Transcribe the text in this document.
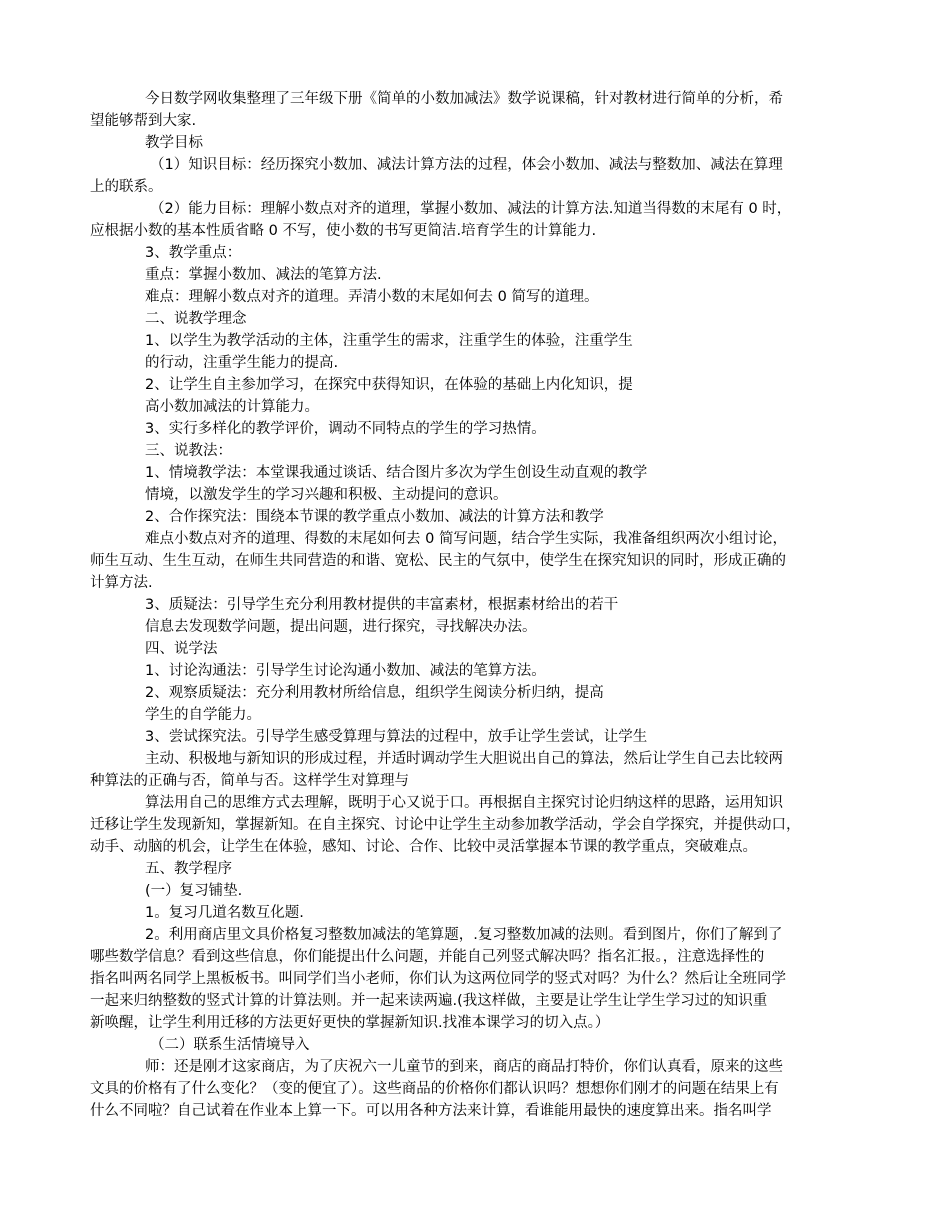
今日数学网收集整理了三年级下册《简单的小数加减法》数学说课稿，针对教材进行简单的分析，希

望能够帮到大家.

教学目标

（1）知识目标：经历探究小数加、减法计算方法的过程，体会小数加、减法与整数加、减法在算理

上的联系。

（2）能力目标：理解小数点对齐的道理，掌握小数加、减法的计算方法.知道当得数的末尾有 0 时，

应根据小数的基本性质省略 0 不写，使小数的书写更简洁.培育学生的计算能力.

3、教学重点：

重点：掌握小数加、减法的笔算方法.

难点：理解小数点对齐的道理。弄清小数的末尾如何去 0 简写的道理。

二、说教学理念

1、以学生为教学活动的主体，注重学生的需求，注重学生的体验，注重学生

的行动，注重学生能力的提高.

2、让学生自主参加学习，在探究中获得知识，在体验的基础上内化知识，提

高小数加减法的计算能力。

3、实行多样化的教学评价，调动不同特点的学生的学习热情。

三、说教法：

1、情境教学法：本堂课我通过谈话、结合图片多次为学生创设生动直观的教学

情境，以激发学生的学习兴趣和积极、主动提问的意识。

2、合作探究法：围绕本节课的教学重点小数加、减法的计算方法和教学

难点小数点对齐的道理、得数的末尾如何去 0 简写问题，结合学生实际，我准备组织两次小组讨论，

师生互动、生生互动，在师生共同营造的和谐、宽松、民主的气氛中，使学生在探究知识的同时，形成正确的

计算方法.

3、质疑法：引导学生充分利用教材提供的丰富素材，根据素材给出的若干

信息去发现数学问题，提出问题，进行探究，寻找解决办法。

四、说学法

1、讨论沟通法：引导学生讨论沟通小数加、减法的笔算方法。

2、观察质疑法：充分利用教材所给信息，组织学生阅读分析归纳，提高

学生的自学能力。

3、尝试探究法。引导学生感受算理与算法的过程中，放手让学生尝试，让学生

主动、积极地与新知识的形成过程，并适时调动学生大胆说出自己的算法，然后让学生自己去比较两

种算法的正确与否，简单与否。这样学生对算理与

算法用自己的思维方式去理解，既明于心又说于口。再根据自主探究讨论归纳这样的思路，运用知识

迁移让学生发现新知，掌握新知。在自主探究、讨论中让学生主动参加教学活动，学会自学探究，并提供动口，

动手、动脑的机会，让学生在体验，感知、讨论、合作、比较中灵活掌握本节课的教学重点，突破难点。

五、教学程序

(一）复习铺垫.

1。复习几道名数互化题.

2。利用商店里文具价格复习整数加减法的笔算题，.复习整数加减的法则。看到图片，你们了解到了

哪些数学信息？看到这些信息，你们能提出什么问题，并能自己列竖式解决吗？指名汇报。，注意选择性的

指名叫两名同学上黑板板书。叫同学们当小老师，你们认为这两位同学的竖式对吗？为什么？然后让全班同学

一起来归纳整数的竖式计算的计算法则。并一起来读两遍.(我这样做，主要是让学生让学生学习过的知识重

新唤醒，让学生利用迁移的方法更好更快的掌握新知识.找准本课学习的切入点。）

（二）联系生活情境导入

师：还是刚才这家商店，为了庆祝六一儿童节的到来，商店的商品打特价，你们认真看，原来的这些

文具的价格有了什么变化？（变的便宜了）。这些商品的价格你们都认识吗？想想你们刚才的问题在结果上有

什么不同啦？自己试着在作业本上算一下。可以用各种方法来计算，看谁能用最快的速度算出来。指名叫学
